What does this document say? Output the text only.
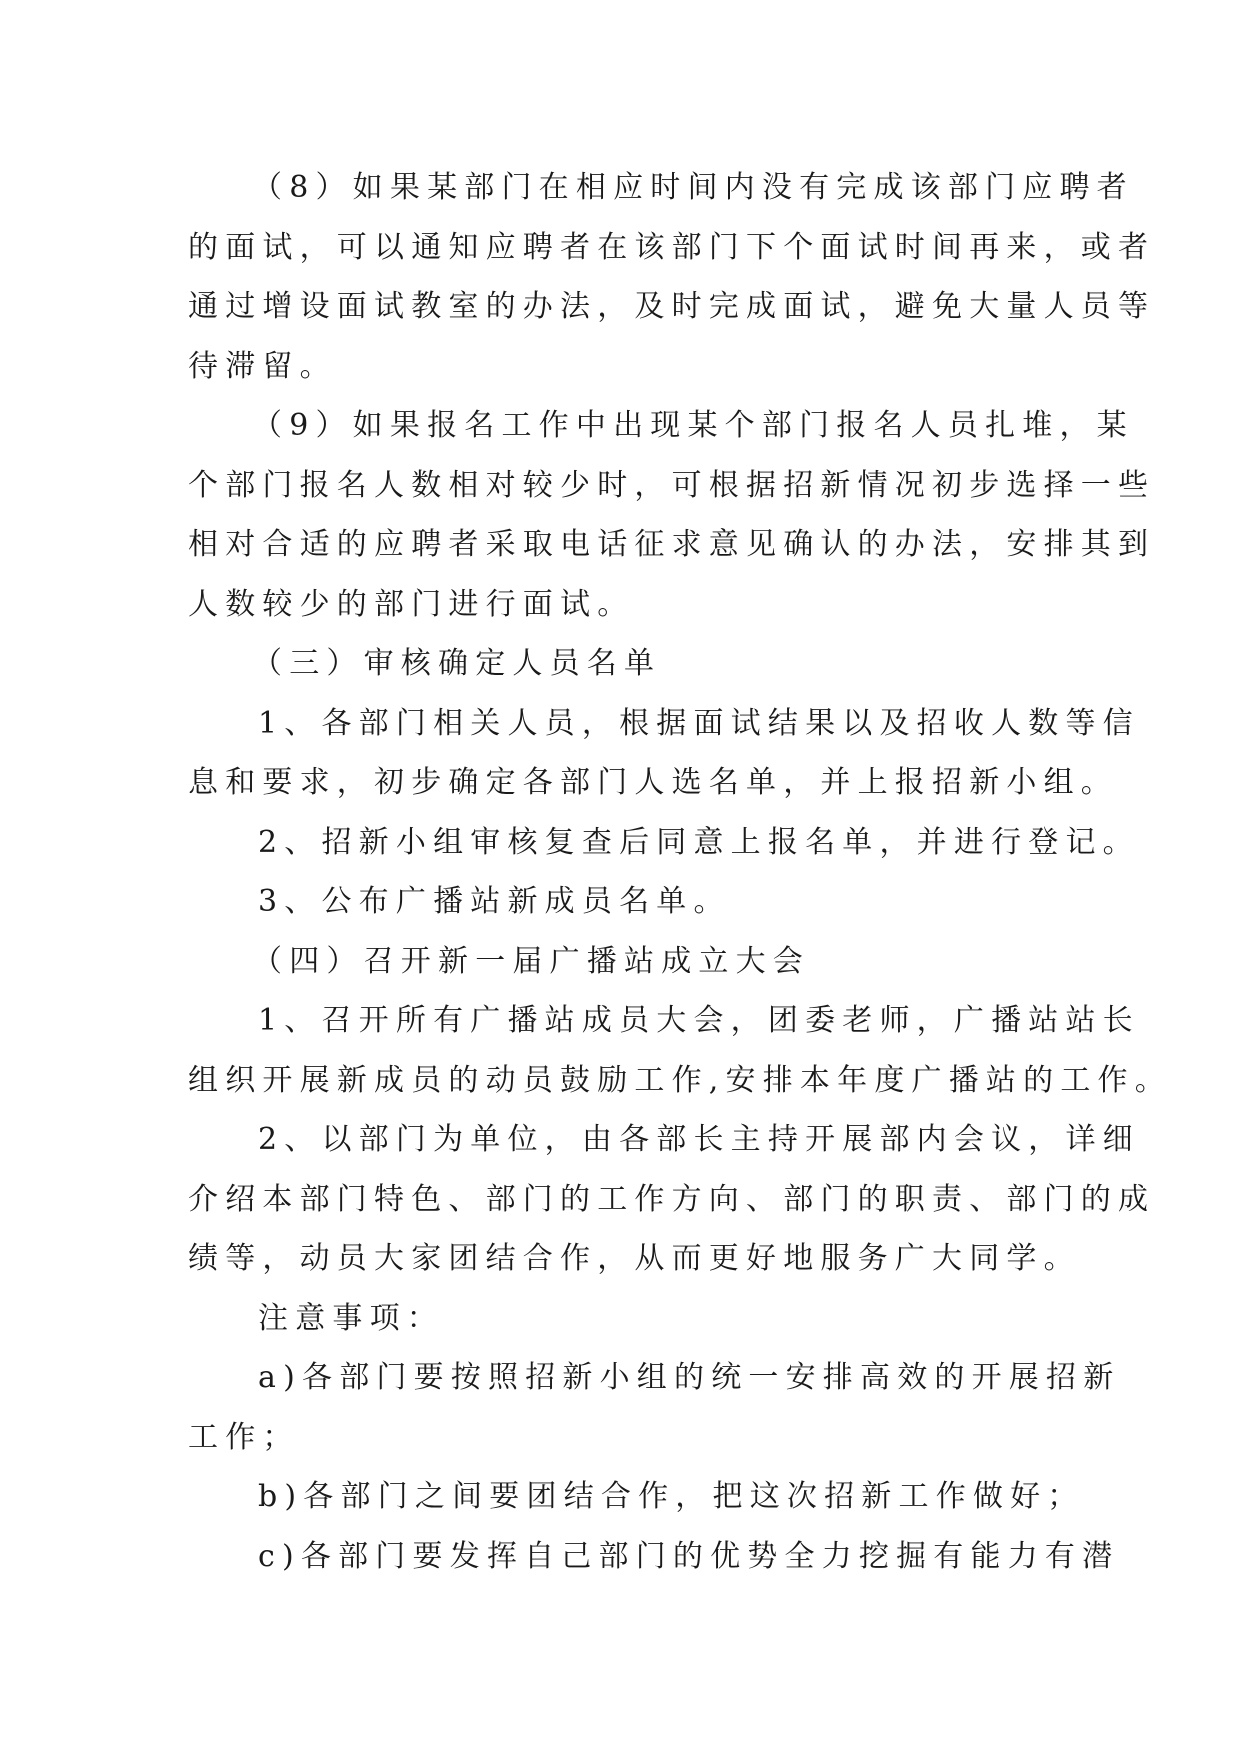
（8）如果某部门在相应时间内没有完成该部门应聘者
的面试，可以通知应聘者在该部门下个面试时间再来，或者
通过增设面试教室的办法，及时完成面试，避免大量人员等
待滞留。
（9）如果报名工作中出现某个部门报名人员扎堆，某
个部门报名人数相对较少时，可根据招新情况初步选择一些
相对合适的应聘者采取电话征求意见确认的办法，安排其到
人数较少的部门进行面试。
（三）审核确定人员名单
1、各部门相关人员，根据面试结果以及招收人数等信
息和要求，初步确定各部门人选名单，并上报招新小组。
2、招新小组审核复查后同意上报名单，并进行登记。
3、公布广播站新成员名单。
（四）召开新一届广播站成立大会
1、召开所有广播站成员大会，团委老师，广播站站长
组织开展新成员的动员鼓励工作,安排本年度广播站的工作。
2、以部门为单位，由各部长主持开展部内会议，详细
介绍本部门特色、部门的工作方向、部门的职责、部门的成
绩等，动员大家团结合作，从而更好地服务广大同学。
注意事项：
a)各部门要按照招新小组的统一安排高效的开展招新
工作；
b)各部门之间要团结合作，把这次招新工作做好；
c)各部门要发挥自己部门的优势全力挖掘有能力有潜
